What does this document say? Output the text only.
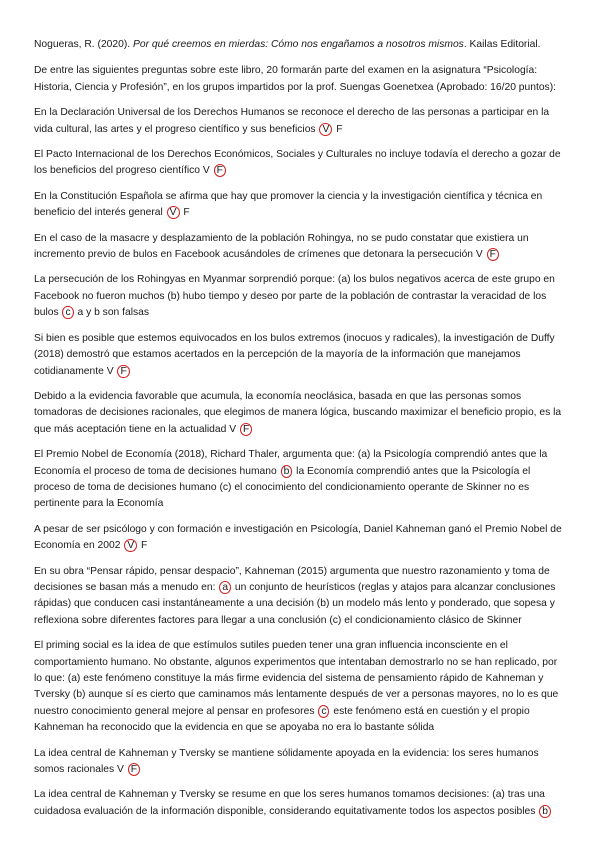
Nogueras, R. (2020). Por qué creemos en mierdas: Cómo nos engañamos a nosotros mismos. Kailas Editorial.

De entre las siguientes preguntas sobre este libro, 20 formarán parte del examen en la asignatura “Psicología: Historia, Ciencia y Profesión”, en los grupos impartidos por la prof. Suengas Goenetxea (Aprobado: 16/20 puntos):

En la Declaración Universal de los Derechos Humanos se reconoce el derecho de las personas a participar en la vida cultural, las artes y el progreso científico y sus beneficios V F

El Pacto Internacional de los Derechos Económicos, Sociales y Culturales no incluye todavía el derecho a gozar de los beneficios del progreso científico V F

En la Constitución Española se afirma que hay que promover la ciencia y la investigación científica y técnica en beneficio del interés general V F

En el caso de la masacre y desplazamiento de la población Rohingya, no se pudo constatar que existiera un incremento previo de bulos en Facebook acusándoles de crímenes que detonara la persecución V F

La persecución de los Rohingyas en Myanmar sorprendió porque: (a) los bulos negativos acerca de este grupo en Facebook no fueron muchos (b) hubo tiempo y deseo por parte de la población de contrastar la veracidad de los bulos c a y b son falsas

Si bien es posible que estemos equivocados en los bulos extremos (inocuos y radicales), la investigación de Duffy (2018) demostró que estamos acertados en la percepción de la mayoría de la información que manejamos cotidianamente V F

Debido a la evidencia favorable que acumula, la economía neoclásica, basada en que las personas somos tomadoras de decisiones racionales, que elegimos de manera lógica, buscando maximizar el beneficio propio, es la que más aceptación tiene en la actualidad V F

El Premio Nobel de Economía (2018), Richard Thaler, argumenta que: (a) la Psicología comprendió antes que la Economía el proceso de toma de decisiones humano b la Economía comprendió antes que la Psicología el proceso de toma de decisiones humano (c) el conocimiento del condicionamiento operante de Skinner no es pertinente para la Economía

A pesar de ser psicólogo y con formación e investigación en Psicología, Daniel Kahneman ganó el Premio Nobel de Economía en 2002 V F

En su obra “Pensar rápido, pensar despacio”, Kahneman (2015) argumenta que nuestro razonamiento y toma de decisiones se basan más a menudo en: a un conjunto de heurísticos (reglas y atajos para alcanzar conclusiones rápidas) que conducen casi instantáneamente a una decisión (b) un modelo más lento y ponderado, que sopesa y reflexiona sobre diferentes factores para llegar a una conclusión (c) el condicionamiento clásico de Skinner

El priming social es la idea de que estímulos sutiles pueden tener una gran influencia inconsciente en el comportamiento humano. No obstante, algunos experimentos que intentaban demostrarlo no se han replicado, por lo que: (a) este fenómeno constituye la más firme evidencia del sistema de pensamiento rápido de Kahneman y Tversky (b) aunque sí es cierto que caminamos más lentamente después de ver a personas mayores, no lo es que nuestro conocimiento general mejore al pensar en profesores c este fenómeno está en cuestión y el propio Kahneman ha reconocido que la evidencia en que se apoyaba no era lo bastante sólida

La idea central de Kahneman y Tversky se mantiene sólidamente apoyada en la evidencia: los seres humanos somos racionales V F

La idea central de Kahneman y Tversky se resume en que los seres humanos tomamos decisiones: (a) tras una cuidadosa evaluación de la información disponible, considerando equitativamente todos los aspectos posibles b
